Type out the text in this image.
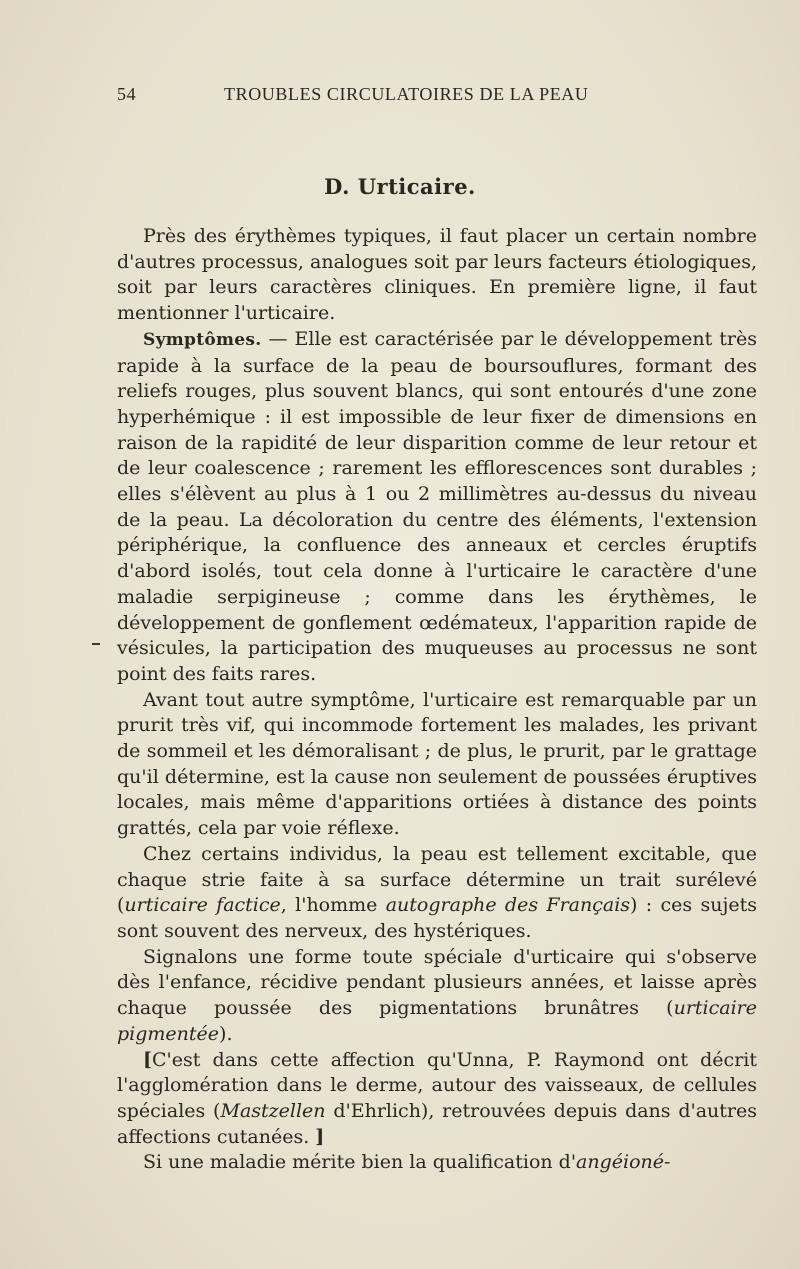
54	TROUBLES CIRCULATOIRES DE LA PEAU
D. Urticaire.

Près des érythèmes typiques, il faut placer un certain nombre d'autres processus, analogues soit par leurs facteurs étiologiques, soit par leurs caractères cliniques. En première ligne, il faut mentionner l'urticaire.

Symptômes. — Elle est caractérisée par le développement très rapide à la surface de la peau de boursouflures, formant des reliefs rouges, plus souvent blancs, qui sont entourés d'une zone hyperhémique : il est impossible de leur fixer de dimensions en raison de la rapidité de leur disparition comme de leur retour et de leur coalescence ; rarement les efflorescences sont durables ; elles s'élèvent au plus à 1 ou 2 millimètres au-dessus du niveau de la peau. La décoloration du centre des éléments, l'extension périphérique, la confluence des anneaux et cercles éruptifs d'abord isolés, tout cela donne à l'urticaire le caractère d'une maladie serpigineuse ; comme dans les érythèmes, le développement de gonflement œdémateux, l'apparition rapide de vésicules, la participation des muqueuses au processus ne sont point des faits rares.

Avant tout autre symptôme, l'urticaire est remarquable par un prurit très vif, qui incommode fortement les malades, les privant de sommeil et les démoralisant ; de plus, le prurit, par le grattage qu'il détermine, est la cause non seulement de poussées éruptives locales, mais même d'apparitions ortiées à distance des points grattés, cela par voie réflexe.

Chez certains individus, la peau est tellement excitable, que chaque strie faite à sa surface détermine un trait surélevé (urticaire factice, l'homme autographe des Français) : ces sujets sont souvent des nerveux, des hystériques.

Signalons une forme toute spéciale d'urticaire qui s'observe dès l'enfance, récidive pendant plusieurs années, et laisse après chaque poussée des pigmentations brunâtres (urticaire pigmentée).

[C'est dans cette affection qu'Unna, P. Raymond ont décrit l'agglomération dans le derme, autour des vaisseaux, de cellules spéciales (Mastzellen d'Ehrlich), retrouvées depuis dans d'autres affections cutanées. ]

Si une maladie mérite bien la qualification d'angéioné-
